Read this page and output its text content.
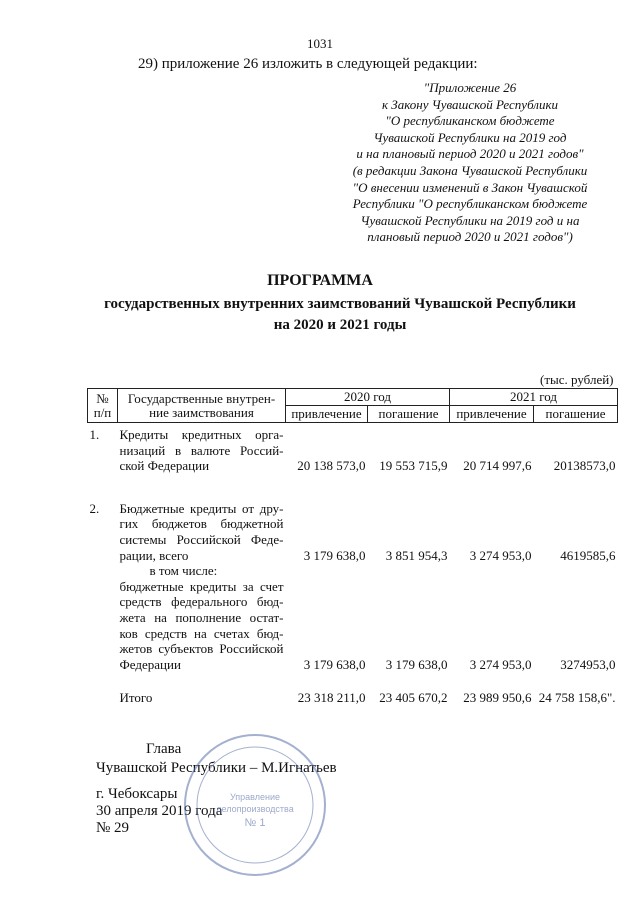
1031
29) приложение 26 изложить в следующей редакции:
"Приложение 26
к Закону Чувашской Республики
"О республиканском бюджете
Чувашской Республики на 2019 год
и на плановый период 2020 и 2021 годов"
(в редакции Закона Чувашской Республики
"О внесении изменений в Закон Чувашской
Республики "О республиканском бюджете
Чувашской Республики на 2019 год и на
плановый период 2020 и 2021 годов")
ПРОГРАММА
государственных внутренних заимствований Чувашской Республики
на 2020 и 2021 годы
(тыс. рублей)
№ п/п	Государственные внутрен-ние заимствования	2020 год		2021 год	
		привлечение	погашение	привлечение	погашение
1.	Кредиты кредитных орга-низаций в валюте Россий-ской Федерации	20 138 573,0	19 553 715,9	20 714 997,6	20138573,0

2.	Бюджетные кредиты от дру-гих бюджетов бюджетной системы Российской Феде-рации, всего	3 179 638,0	3 851 954,3	3 274 953,0	4619585,6

	в том числе:
бюджетные кредиты за счет средств федерального бюд-жета на пополнение остат-ков средств на счетах бюд-жетов субъектов Российской Федерации	3 179 638,0	3 179 638,0	3 274 953,0	3274953,0

	Итого	23 318 211,0	23 405 670,2	23 989 950,6	24 758 158,6".
Глава
Чувашской Республики – М.Игнатьев
г. Чебоксары
30 апреля 2019 года
№ 29
Управление
делопроизводства
№ 1
